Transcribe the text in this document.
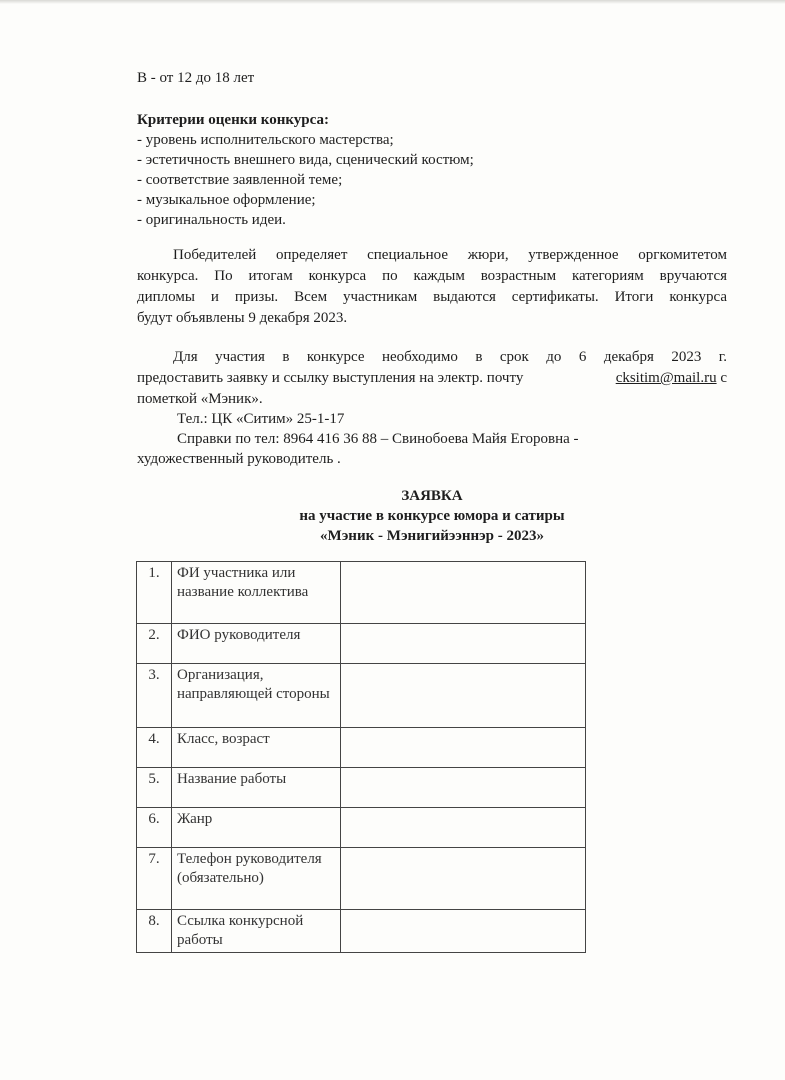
В - от 12 до 18 лет
Критерии оценки конкурса:
- уровень исполнительского мастерства;
- эстетичность внешнего вида, сценический костюм;
- соответствие заявленной теме;
- музыкальное оформление;
- оригинальность идеи.
Победителей определяет специальное жюри, утвержденное оргкомитетом
конкурса. По итогам конкурса по каждым возрастным категориям вручаются
дипломы и призы. Всем участникам выдаются сертификаты. Итоги конкурса
будут объявлены 9 декабря 2023.
Для участия в конкурсе необходимо в срок до 6 декабря 2023 г.
предоставить заявку и ссылку выступления на электр. почту	cksitim@mail.ru с
пометкой «Мэник».
Тел.: ЦК «Ситим» 25-1-17
Справки по тел: 8964 416 36 88 – Свинобоева Майя Егоровна -
художественный руководитель .
ЗАЯВКА
на участие в конкурсе юмора и сатиры
«Мэник - Мэнигийээннэр - 2023»
1.	ФИ участника или название коллектива	
2.	ФИО руководителя	
3.	Организация, направляющей стороны	
4.	Класс, возраст	
5.	Название работы	
6.	Жанр	
7.	Телефон руководителя (обязательно)	
8.	Ссылка конкурсной работы	
